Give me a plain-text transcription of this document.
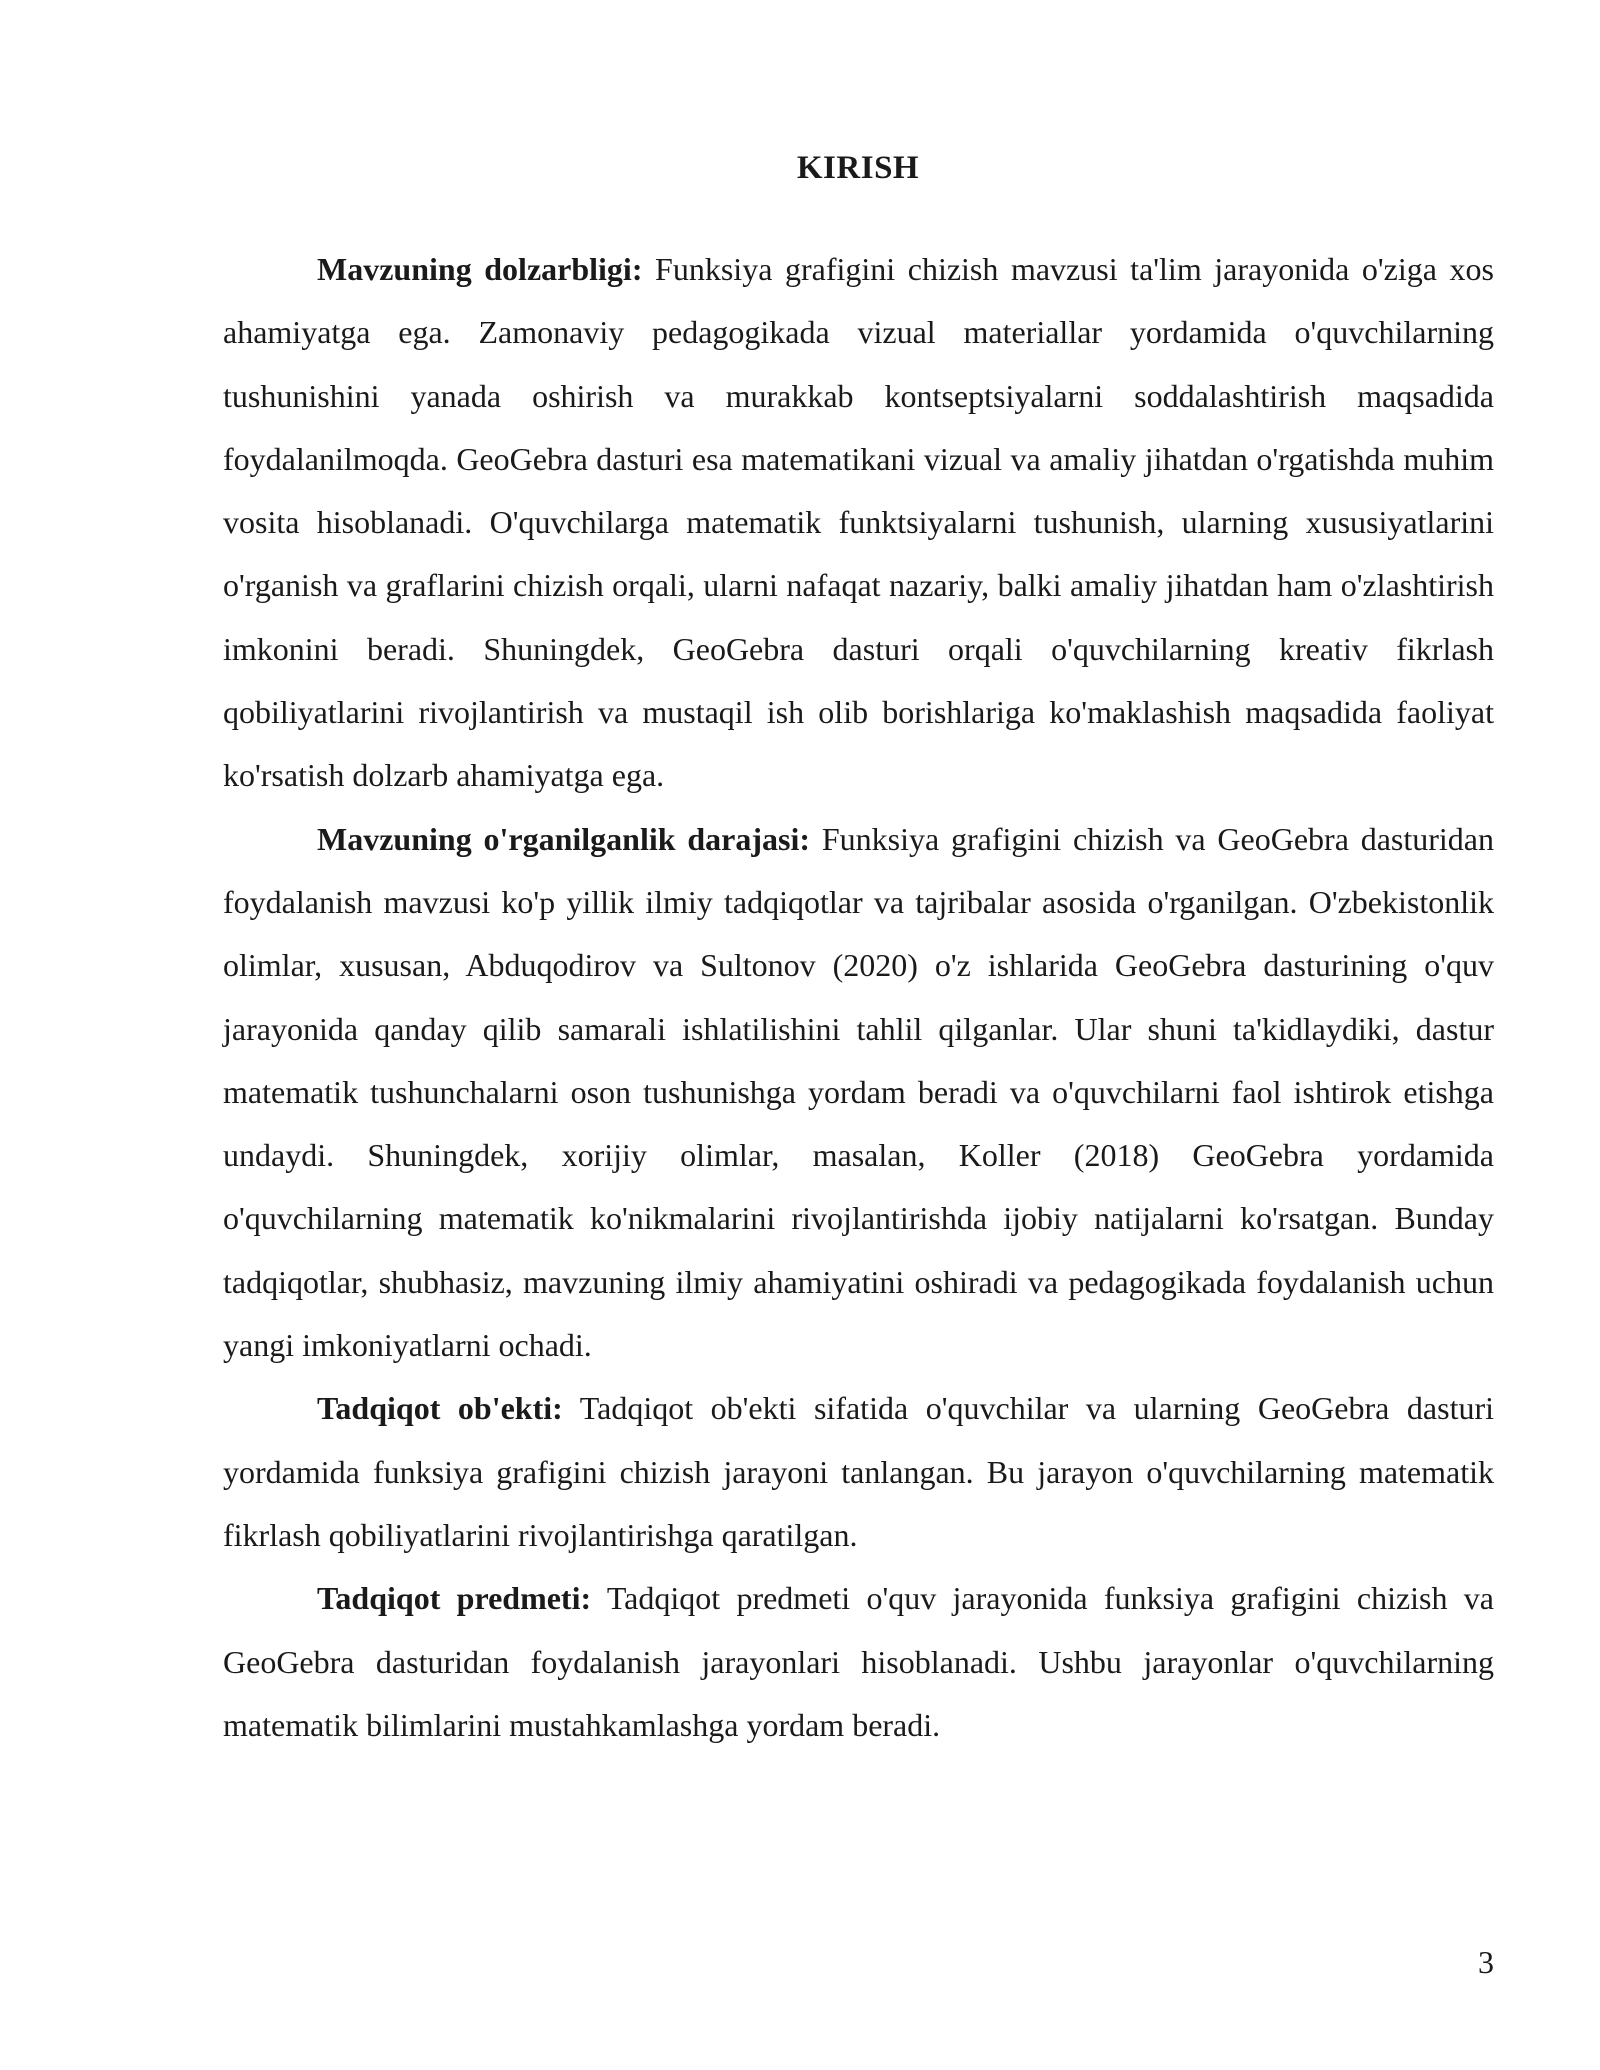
KIRISH

Mavzuning dolzarbligi: Funksiya grafigini chizish mavzusi ta'lim jarayonida o'ziga xos ahamiyatga ega. Zamonaviy pedagogikada vizual materiallar yordamida o'quvchilarning tushunishini yanada oshirish va murakkab kontseptsiyalarni soddalashtirish maqsadida foydalanilmoqda. GeoGebra dasturi esa matematikani vizual va amaliy jihatdan o'rgatishda muhim vosita hisoblanadi. O'quvchilarga matematik funktsiyalarni tushunish, ularning xususiyatlarini o'rganish va graflarini chizish orqali, ularni nafaqat nazariy, balki amaliy jihatdan ham o'zlashtirish imkonini beradi. Shuningdek, GeoGebra dasturi orqali o'quvchilarning kreativ fikrlash qobiliyatlarini rivojlantirish va mustaqil ish olib borishlariga ko'maklashish maqsadida faoliyat ko'rsatish dolzarb ahamiyatga ega.

Mavzuning o'rganilganlik darajasi: Funksiya grafigini chizish va GeoGebra dasturidan foydalanish mavzusi ko'p yillik ilmiy tadqiqotlar va tajribalar asosida o'rganilgan. O'zbekistonlik olimlar, xususan, Abduqodirov va Sultonov (2020) o'z ishlarida GeoGebra dasturining o'quv jarayonida qanday qilib samarali ishlatilishini tahlil qilganlar. Ular shuni ta'kidlaydiki, dastur matematik tushunchalarni oson tushunishga yordam beradi va o'quvchilarni faol ishtirok etishga undaydi. Shuningdek, xorijiy olimlar, masalan, Koller (2018) GeoGebra yordamida o'quvchilarning matematik ko'nikmalarini rivojlantirishda ijobiy natijalarni ko'rsatgan. Bunday tadqiqotlar, shubhasiz, mavzuning ilmiy ahamiyatini oshiradi va pedagogikada foydalanish uchun yangi imkoniyatlarni ochadi.

Tadqiqot ob'ekti: Tadqiqot ob'ekti sifatida o'quvchilar va ularning GeoGebra dasturi yordamida funksiya grafigini chizish jarayoni tanlangan. Bu jarayon o'quvchilarning matematik fikrlash qobiliyatlarini rivojlantirishga qaratilgan.

Tadqiqot predmeti: Tadqiqot predmeti o'quv jarayonida funksiya grafigini chizish va GeoGebra dasturidan foydalanish jarayonlari hisoblanadi. Ushbu jarayonlar o'quvchilarning matematik bilimlarini mustahkamlashga yordam beradi.

3
